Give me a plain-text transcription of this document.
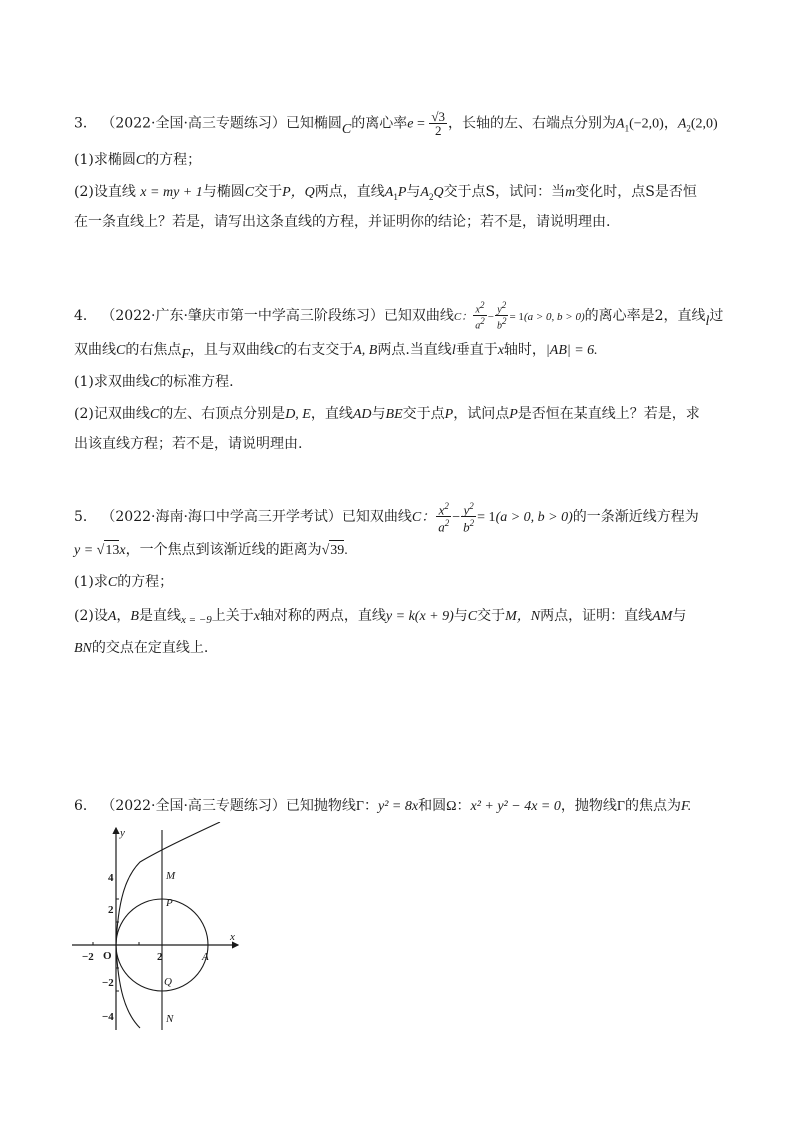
3． （2022·全国·高三专题练习）已知椭圆C的离心率$e = \frac{√3}{2}$ ，长轴的左、右端点分别为$A_1(-2,0)$，$A_2(2,0)$
(1)求椭圆C的方程；
(2)设直线 x = my + 1与椭圆C交于P，Q两点，直线$A_1P$与$A_2Q$交于点S，试问：当m变化时，点S是否恒
在一条直线上？若是，请写出这条直线的方程，并证明你的结论；若不是，请说明理由.
4． （2022·广东·肇庆市第一中学高三阶段练习）已知双曲线C： $\frac{x^2}{a^2} - \frac{y^2}{b^2} = 1(a > 0$, b > 0)的离心率是2，直线l过
双曲线C的右焦点F，且与双曲线C的右支交于A, B两点.当直线l垂直于x轴时，|AB| = 6.
(1)求双曲线C的标准方程.
(2)记双曲线C的左、右顶点分别是D, E，直线AD与BE交于点P，试问点P是否恒在某直线上？若是，求
出该直线方程；若不是，请说明理由.
5． （2022·海南·海口中学高三开学考试）已知双曲线C： $\frac{x^2}{a^2} - \frac{y^2}{b^2} = 1(a > 0$, b > 0)的一条渐近线方程为
y = √13x，一个焦点到该渐近线的距离为√39.
(1)求C的方程；
(2)设A，B是直线$_{x = -9}$上关于x轴对称的两点，直线y = k(x + 9)与C交于M，N两点，证明：直线AM与
BN的交点在定直线上.
6． （2022·全国·高三专题练习）已知抛物线Γ：y² = 8x和圆Ω：x² + y² − 4x = 0，抛物线Γ的焦点为F.
x
y
−2	2
4
2
−2
−4
O
M
P
Q
N
A
